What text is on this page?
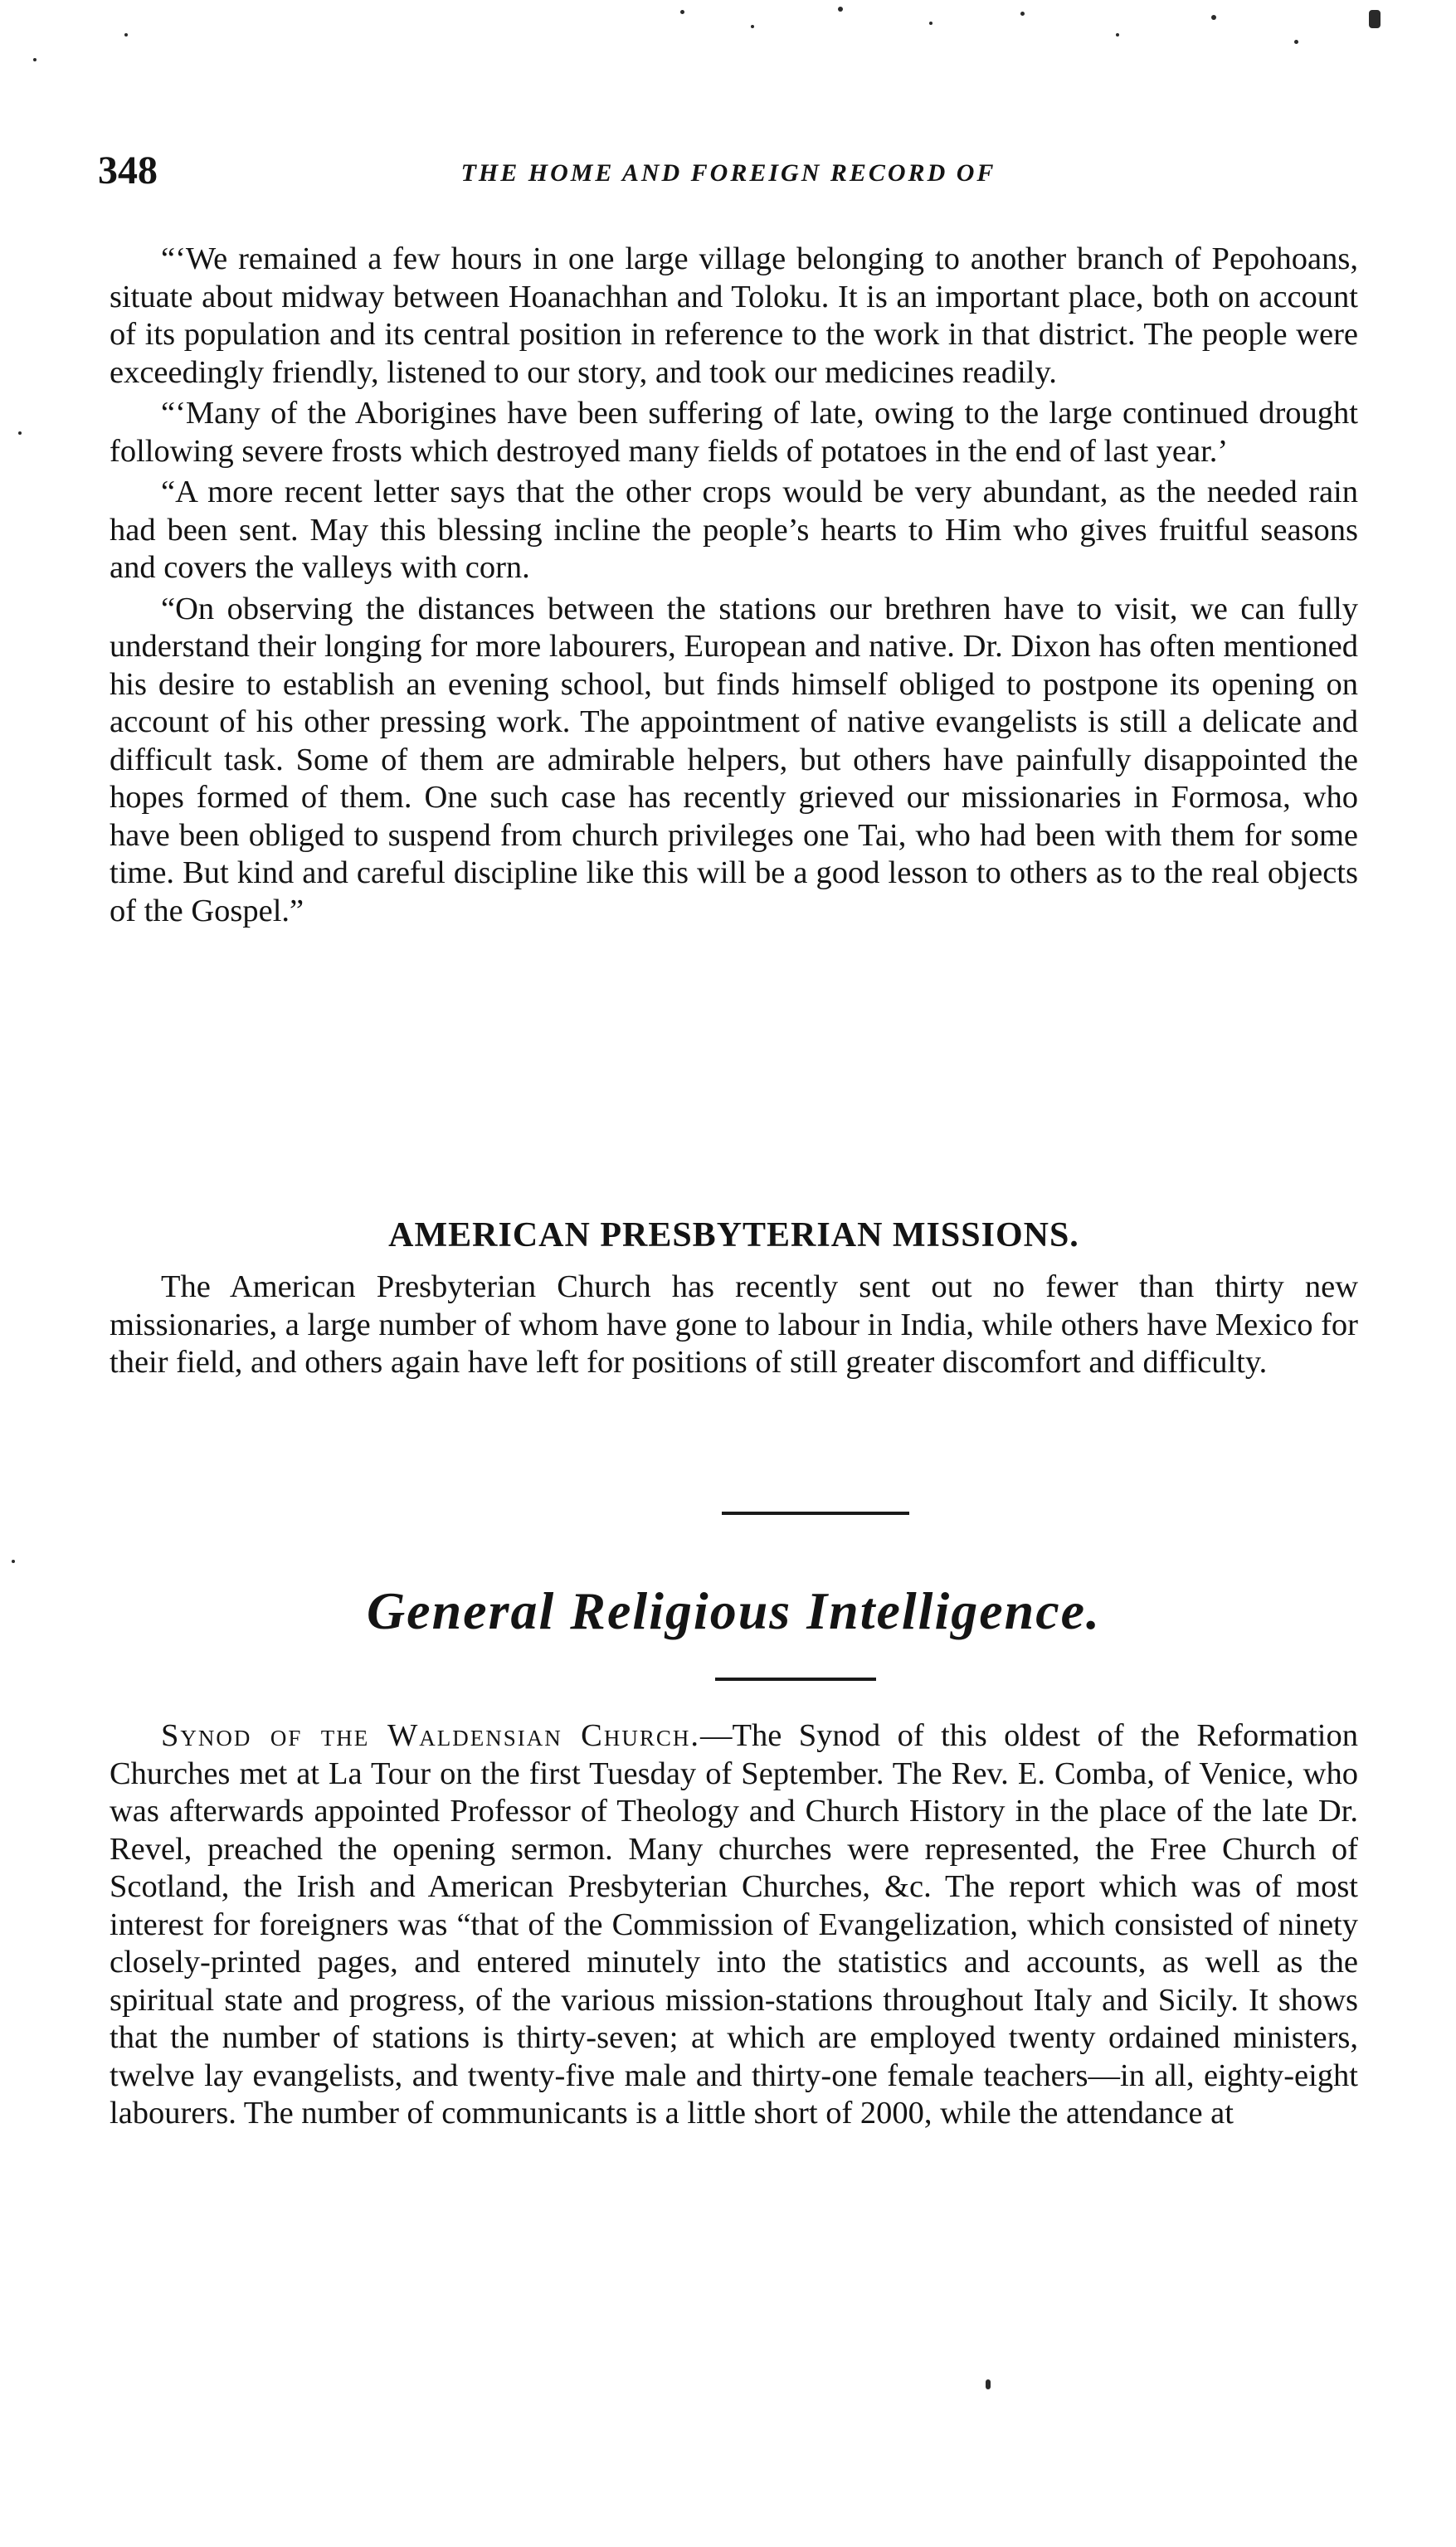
348	THE HOME AND FOREIGN RECORD OF

“‘We remained a few hours in one large village belonging to another branch of Pepohoans, situate about midway between Hoanachhan and Toloku. It is an important place, both on account of its population and its central position in reference to the work in that district. The people were exceedingly friendly, listened to our story, and took our medicines readily.

“‘Many of the Aborigines have been suffering of late, owing to the large continued drought following severe frosts which destroyed many fields of potatoes in the end of last year.’

“A more recent letter says that the other crops would be very abundant, as the needed rain had been sent. May this blessing incline the people’s hearts to Him who gives fruitful seasons and covers the valleys with corn.

“On observing the distances between the stations our brethren have to visit, we can fully understand their longing for more labourers, European and native. Dr. Dixon has often mentioned his desire to establish an evening school, but finds himself obliged to postpone its opening on account of his other pressing work. The appointment of native evangelists is still a delicate and difficult task. Some of them are admirable helpers, but others have painfully disappointed the hopes formed of them. One such case has recently grieved our missionaries in Formosa, who have been obliged to suspend from church privileges one Tai, who had been with them for some time. But kind and careful discipline like this will be a good lesson to others as to the real objects of the Gospel.”

AMERICAN PRESBYTERIAN MISSIONS.

The American Presbyterian Church has recently sent out no fewer than thirty new missionaries, a large number of whom have gone to labour in India, while others have Mexico for their field, and others again have left for positions of still greater discomfort and difficulty.

General Religious Intelligence.

Synod of the Waldensian Church.—The Synod of this oldest of the Reformation Churches met at La Tour on the first Tuesday of September. The Rev. E. Comba, of Venice, who was afterwards appointed Professor of Theology and Church History in the place of the late Dr. Revel, preached the opening sermon. Many churches were represented, the Free Church of Scotland, the Irish and American Presbyterian Churches, &c. The report which was of most interest for foreigners was “that of the Commission of Evangelization, which consisted of ninety closely-printed pages, and entered minutely into the statistics and accounts, as well as the spiritual state and progress, of the various mission-stations throughout Italy and Sicily. It shows that the number of stations is thirty-seven; at which are employed twenty ordained ministers, twelve lay evangelists, and twenty-five male and thirty-one female teachers—in all, eighty-eight labourers. The number of communicants is a little short of 2000, while the attendance at
